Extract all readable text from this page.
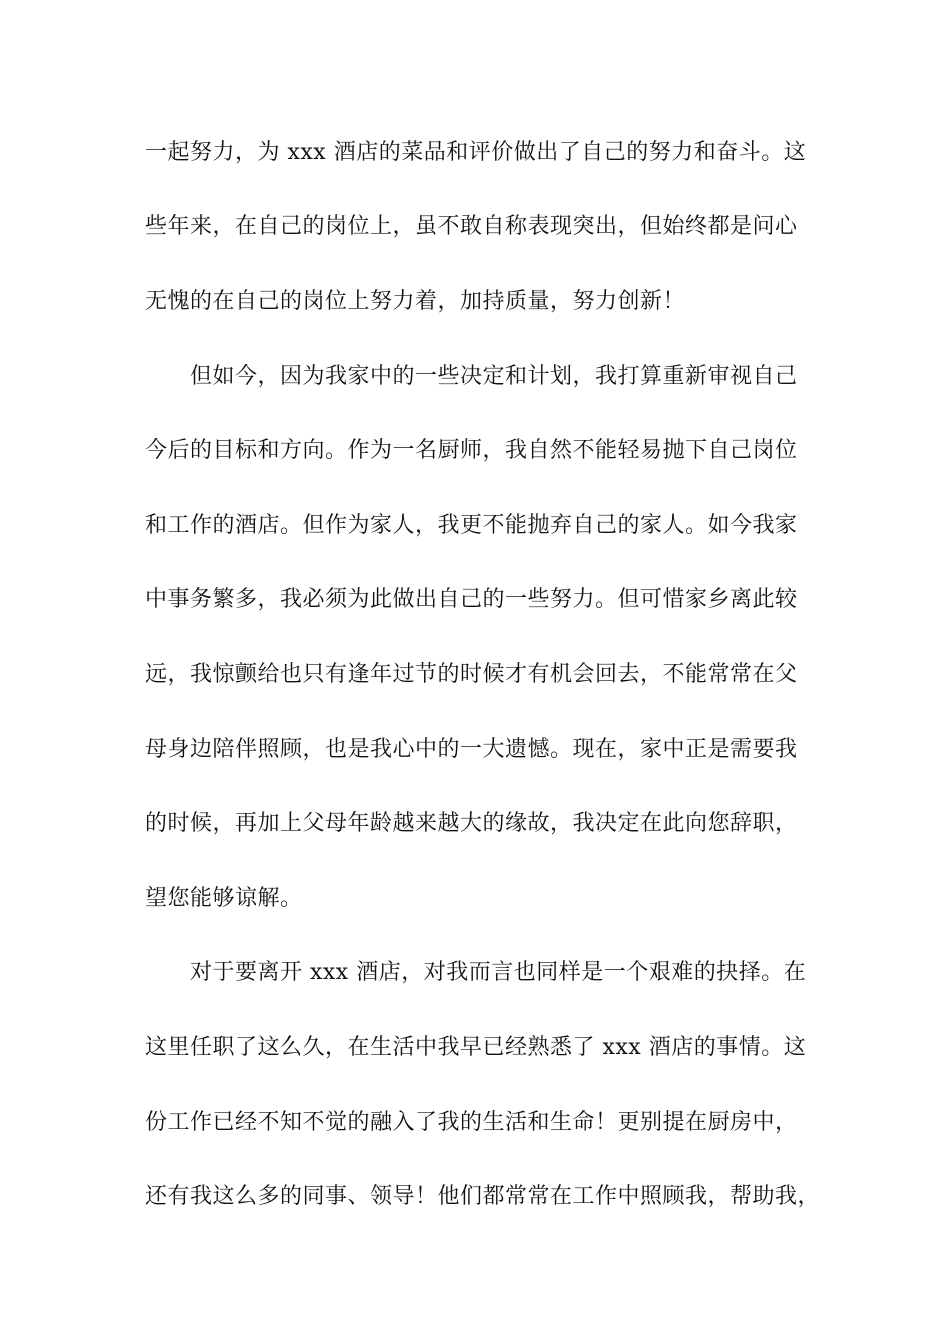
一起努力，为 xxx 酒店的菜品和评价做出了自己的努力和奋斗。这
些年来，在自己的岗位上，虽不敢自称表现突出，但始终都是问心
无愧的在自己的岗位上努力着，加持质量，努力创新！
但如今，因为我家中的一些决定和计划，我打算重新审视自己
今后的目标和方向。作为一名厨师，我自然不能轻易抛下自己岗位
和工作的酒店。但作为家人，我更不能抛弃自己的家人。如今我家
中事务繁多，我必须为此做出自己的一些努力。但可惜家乡离此较
远，我惊颤给也只有逢年过节的时候才有机会回去，不能常常在父
母身边陪伴照顾，也是我心中的一大遗憾。现在，家中正是需要我
的时候，再加上父母年龄越来越大的缘故，我决定在此向您辞职，
望您能够谅解。
对于要离开 xxx 酒店，对我而言也同样是一个艰难的抉择。在
这里任职了这么久，在生活中我早已经熟悉了 xxx 酒店的事情。这
份工作已经不知不觉的融入了我的生活和生命！更别提在厨房中，
还有我这么多的同事、领导！他们都常常在工作中照顾我，帮助我，
